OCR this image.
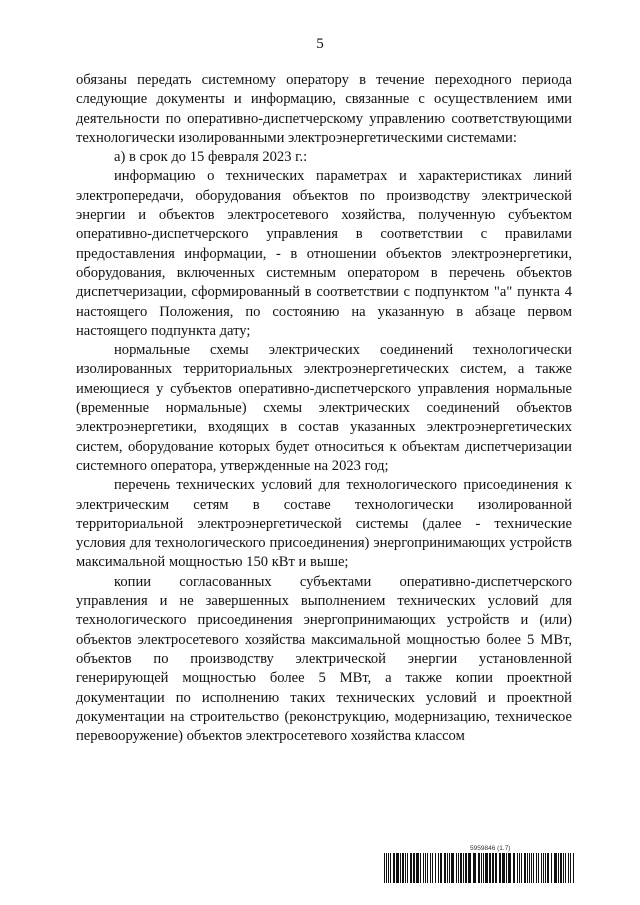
5

обязаны передать системному оператору в течение переходного периода следующие документы и информацию, связанные с осуществлением ими деятельности по оперативно-диспетчерскому управлению соответствующими технологически изолированными электроэнергетическими системами:

а) в срок до 15 февраля 2023 г.:

информацию о технических параметрах и характеристиках линий электропередачи, оборудования объектов по производству электрической энергии и объектов электросетевого хозяйства, полученную субъектом оперативно-диспетчерского управления в соответствии с правилами предоставления информации, - в отношении объектов электроэнергетики, оборудования, включенных системным оператором в перечень объектов диспетчеризации, сформированный в соответствии с подпунктом "а" пункта 4 настоящего Положения, по состоянию на указанную в абзаце первом настоящего подпункта дату;

нормальные схемы электрических соединений технологически изолированных территориальных электроэнергетических систем, а также имеющиеся у субъектов оперативно-диспетчерского управления нормальные (временные нормальные) схемы электрических соединений объектов электроэнергетики, входящих в состав указанных электроэнергетических систем, оборудование которых будет относиться к объектам диспетчеризации системного оператора, утвержденные на 2023 год;

перечень технических условий для технологического присоединения к электрическим сетям в составе технологически изолированной территориальной электроэнергетической системы (далее - технические условия для технологического присоединения) энергопринимающих устройств максимальной мощностью 150 кВт и выше;

копии согласованных субъектами оперативно-диспетчерского управления и не завершенных выполнением технических условий для технологического присоединения энергопринимающих устройств и (или) объектов электросетевого хозяйства максимальной мощностью более 5 МВт, объектов по производству электрической энергии установленной генерирующей мощностью более 5 МВт, а также копии проектной документации по исполнению таких технических условий и проектной документации на строительство (реконструкцию, модернизацию, техническое перевооружение) объектов электросетевого хозяйства классом

5959846 (1.7)
